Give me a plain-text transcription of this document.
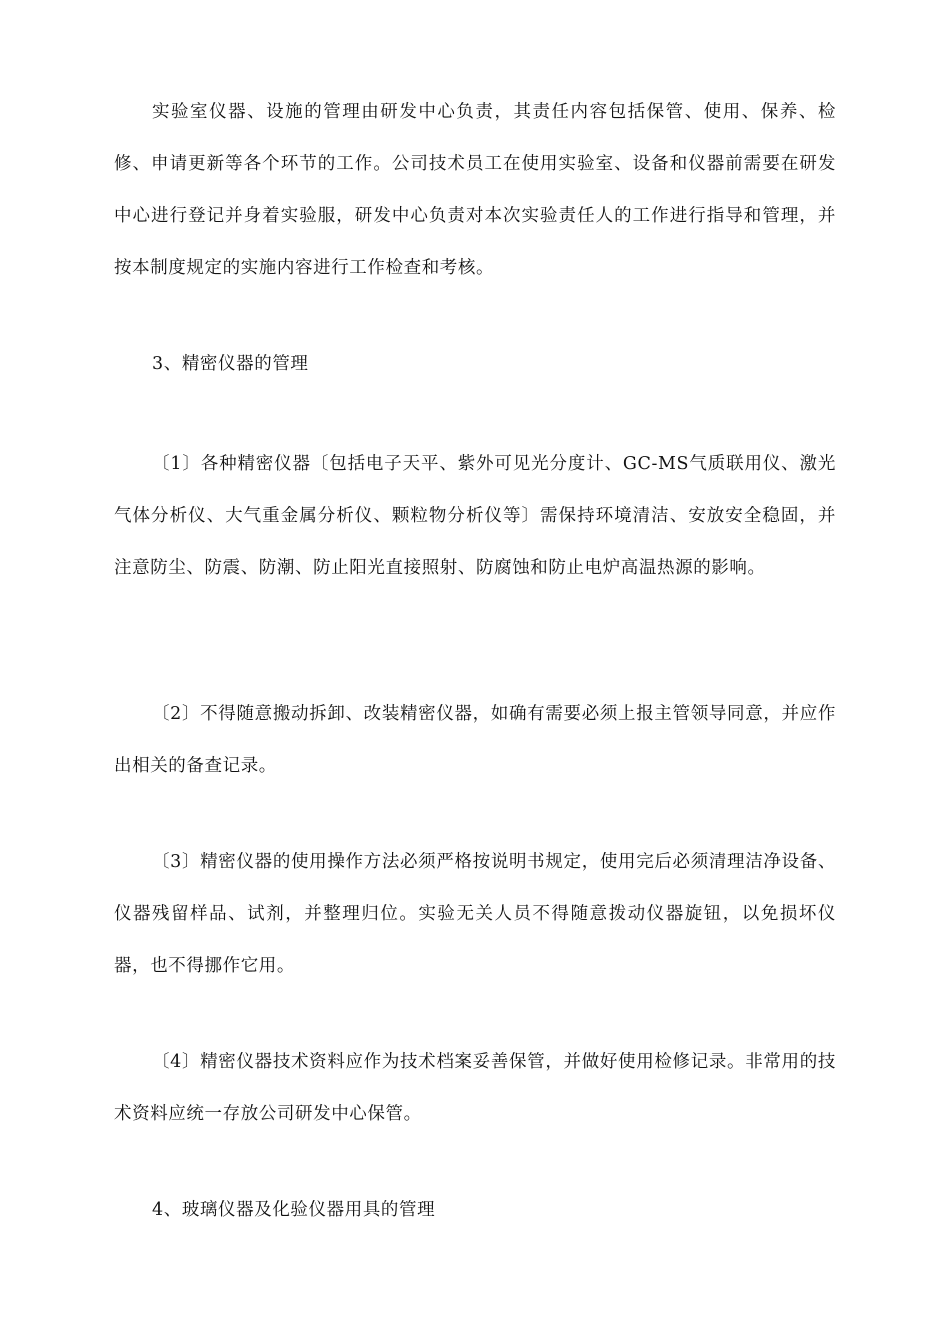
实验室仪器、设施的管理由研发中心负责，其责任内容包括保管、使用、保养、检修、申请更新等各个环节的工作。公司技术员工在使用实验室、设备和仪器前需要在研发中心进行登记并身着实验服，研发中心负责对本次实验责任人的工作进行指导和管理，并按本制度规定的实施内容进行工作检查和考核。

3、精密仪器的管理

〔1〕各种精密仪器〔包括电子天平、紫外可见光分度计、GC-MS气质联用仪、激光气体分析仪、大气重金属分析仪、颗粒物分析仪等〕需保持环境清洁、安放安全稳固，并注意防尘、防震、防潮、防止阳光直接照射、防腐蚀和防止电炉高温热源的影响。

〔2〕不得随意搬动拆卸、改装精密仪器，如确有需要必须上报主管领导同意，并应作出相关的备查记录。

〔3〕精密仪器的使用操作方法必须严格按说明书规定，使用完后必须清理洁净设备、仪器残留样品、试剂，并整理归位。实验无关人员不得随意拨动仪器旋钮，以免损坏仪器，也不得挪作它用。

〔4〕精密仪器技术资料应作为技术档案妥善保管，并做好使用检修记录。非常用的技术资料应统一存放公司研发中心保管。

4、玻璃仪器及化验仪器用具的管理
